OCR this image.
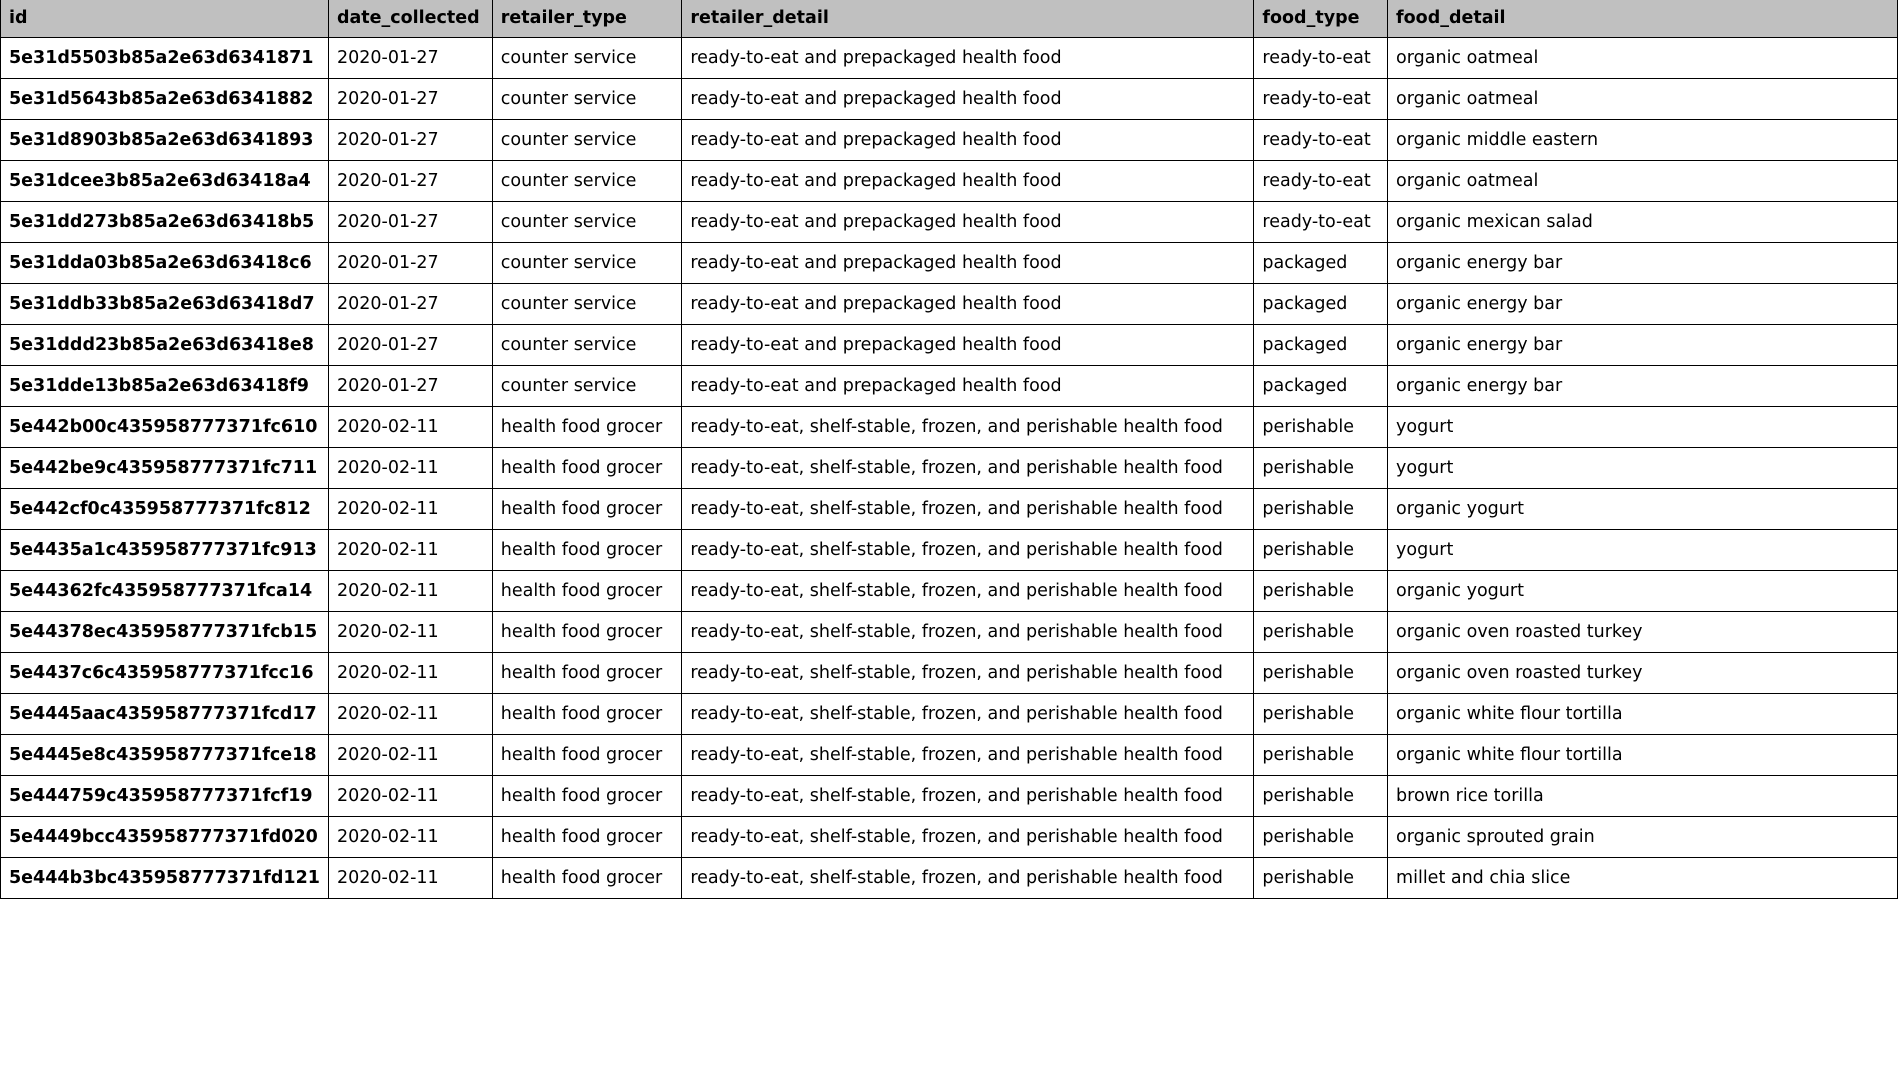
id	date_collected	retailer_type	retailer_detail	food_type	food_detail
5e31d5503b85a2e63d6341871	2020-01-27	counter service	ready-to-eat and prepackaged health food	ready-to-eat	organic oatmeal
5e31d5643b85a2e63d6341882	2020-01-27	counter service	ready-to-eat and prepackaged health food	ready-to-eat	organic oatmeal
5e31d8903b85a2e63d6341893	2020-01-27	counter service	ready-to-eat and prepackaged health food	ready-to-eat	organic middle eastern
5e31dcee3b85a2e63d63418a4	2020-01-27	counter service	ready-to-eat and prepackaged health food	ready-to-eat	organic oatmeal
5e31dd273b85a2e63d63418b5	2020-01-27	counter service	ready-to-eat and prepackaged health food	ready-to-eat	organic mexican salad
5e31dda03b85a2e63d63418c6	2020-01-27	counter service	ready-to-eat and prepackaged health food	packaged	organic energy bar
5e31ddb33b85a2e63d63418d7	2020-01-27	counter service	ready-to-eat and prepackaged health food	packaged	organic energy bar
5e31ddd23b85a2e63d63418e8	2020-01-27	counter service	ready-to-eat and prepackaged health food	packaged	organic energy bar
5e31dde13b85a2e63d63418f9	2020-01-27	counter service	ready-to-eat and prepackaged health food	packaged	organic energy bar
5e442b00c435958777371fc610	2020-02-11	health food grocer	ready-to-eat, shelf-stable, frozen, and perishable health food	perishable	yogurt
5e442be9c435958777371fc711	2020-02-11	health food grocer	ready-to-eat, shelf-stable, frozen, and perishable health food	perishable	yogurt
5e442cf0c435958777371fc812	2020-02-11	health food grocer	ready-to-eat, shelf-stable, frozen, and perishable health food	perishable	organic yogurt
5e4435a1c435958777371fc913	2020-02-11	health food grocer	ready-to-eat, shelf-stable, frozen, and perishable health food	perishable	yogurt
5e44362fc435958777371fca14	2020-02-11	health food grocer	ready-to-eat, shelf-stable, frozen, and perishable health food	perishable	organic yogurt
5e44378ec435958777371fcb15	2020-02-11	health food grocer	ready-to-eat, shelf-stable, frozen, and perishable health food	perishable	organic oven roasted turkey
5e4437c6c435958777371fcc16	2020-02-11	health food grocer	ready-to-eat, shelf-stable, frozen, and perishable health food	perishable	organic oven roasted turkey
5e4445aac435958777371fcd17	2020-02-11	health food grocer	ready-to-eat, shelf-stable, frozen, and perishable health food	perishable	organic white flour tortilla
5e4445e8c435958777371fce18	2020-02-11	health food grocer	ready-to-eat, shelf-stable, frozen, and perishable health food	perishable	organic white flour tortilla
5e444759c435958777371fcf19	2020-02-11	health food grocer	ready-to-eat, shelf-stable, frozen, and perishable health food	perishable	brown rice torilla
5e4449bcc435958777371fd020	2020-02-11	health food grocer	ready-to-eat, shelf-stable, frozen, and perishable health food	perishable	organic sprouted grain
5e444b3bc435958777371fd121	2020-02-11	health food grocer	ready-to-eat, shelf-stable, frozen, and perishable health food	perishable	millet and chia slice
